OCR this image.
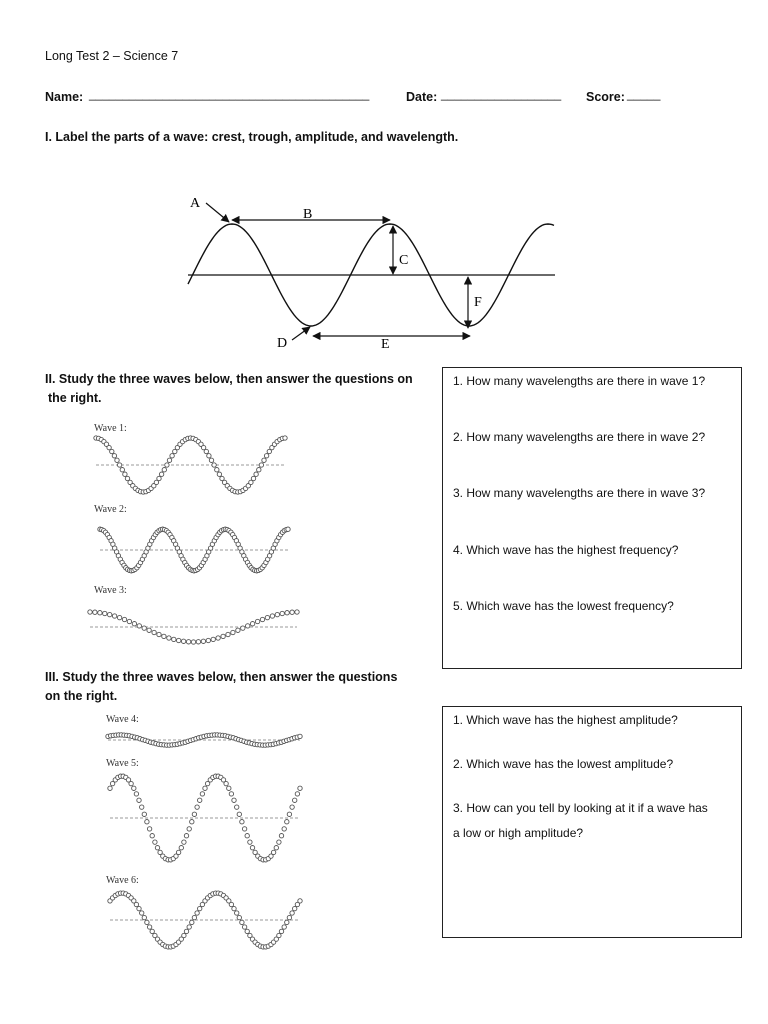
Long Test 2 – Science 7
Name: __________________________________________	Date: __________________ Score: _____
I. Label the parts of a wave: crest, trough, amplitude, and wavelength.
A
B
C
F
D	E
II. Study the three waves below, then answer the questions on
the right.
Wave 1:
Wave 2:
Wave 3:
1. How many wavelengths are there in wave 1?
2. How many wavelengths are there in wave 2?
3. How many wavelengths are there in wave 3?
4. Which wave has the highest frequency?
5. Which wave has the lowest frequency?
III. Study the three waves below, then answer the questions
on the right.
Wave 4:
Wave 5:
Wave 6:
1. Which wave has the highest amplitude?
2. Which wave has the lowest amplitude?
3. How can you tell by looking at it if a wave has
a low or high amplitude?
